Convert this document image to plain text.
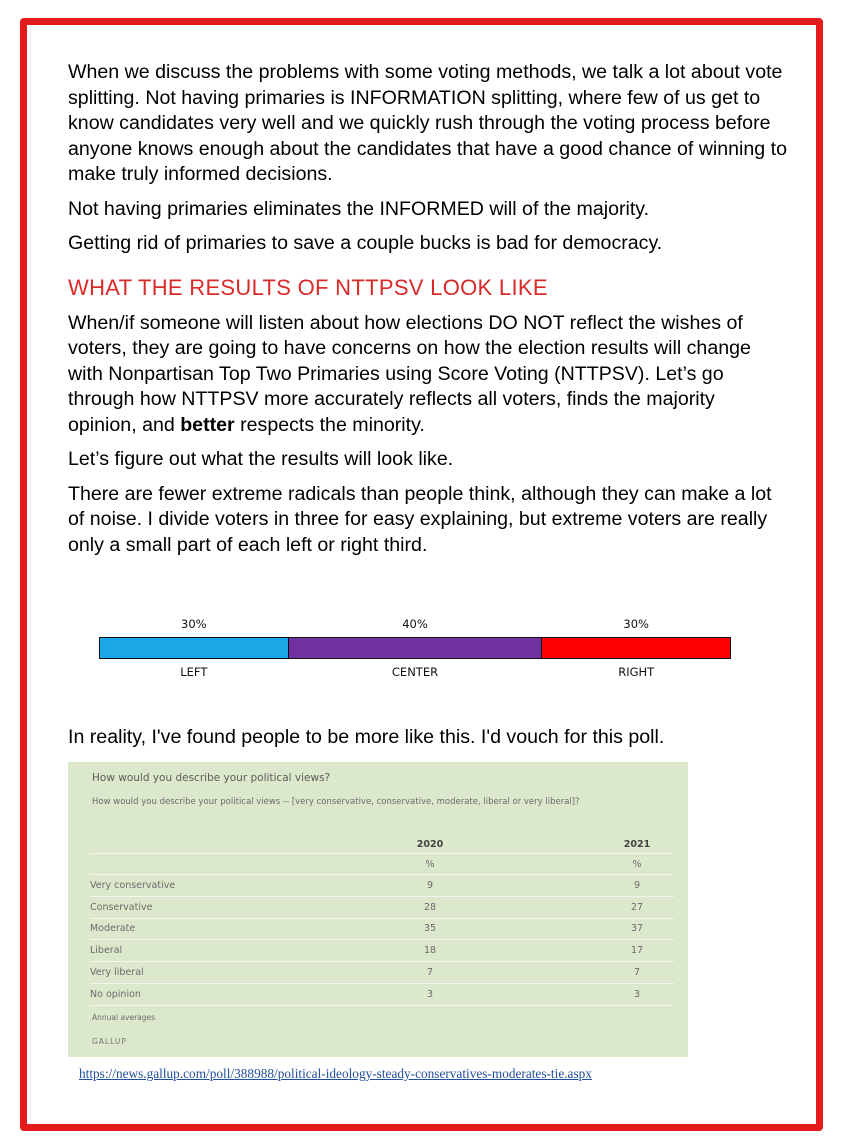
When we discuss the problems with some voting methods, we talk a lot about vote splitting. Not having primaries is INFORMATION splitting, where few of us get to know candidates very well and we quickly rush through the voting process before anyone knows enough about the candidates that have a good chance of winning to make truly informed decisions.

Not having primaries eliminates the INFORMED will of the majority.

Getting rid of primaries to save a couple bucks is bad for democracy.

WHAT THE RESULTS OF NTTPSV LOOK LIKE

When/if someone will listen about how elections DO NOT reflect the wishes of voters, they are going to have concerns on how the election results will change with Nonpartisan Top Two Primaries using Score Voting (NTTPSV). Let’s go through how NTTPSV more accurately reflects all voters, finds the majority opinion, and better respects the minority.

Let’s figure out what the results will look like.

There are fewer extreme radicals than people think, although they can make a lot of noise. I divide voters in three for easy explaining, but extreme voters are really only a small part of each left or right third.

30%	40%	30%
LEFT	CENTER	RIGHT
In reality, I've found people to be more like this. I'd vouch for this poll.
How would you describe your political views?
How would you describe your political views -- [very conservative, conservative, moderate, liberal or very liberal]?
	2020		2021
	%		%
Very conservative	9		9
Conservative	28		27
Moderate	35		37
Liberal	18		17
Very liberal	7		7
No opinion	3		3
Annual averages
GALLUP
https://news.gallup.com/poll/388988/political-ideology-steady-conservatives-moderates-tie.aspx
